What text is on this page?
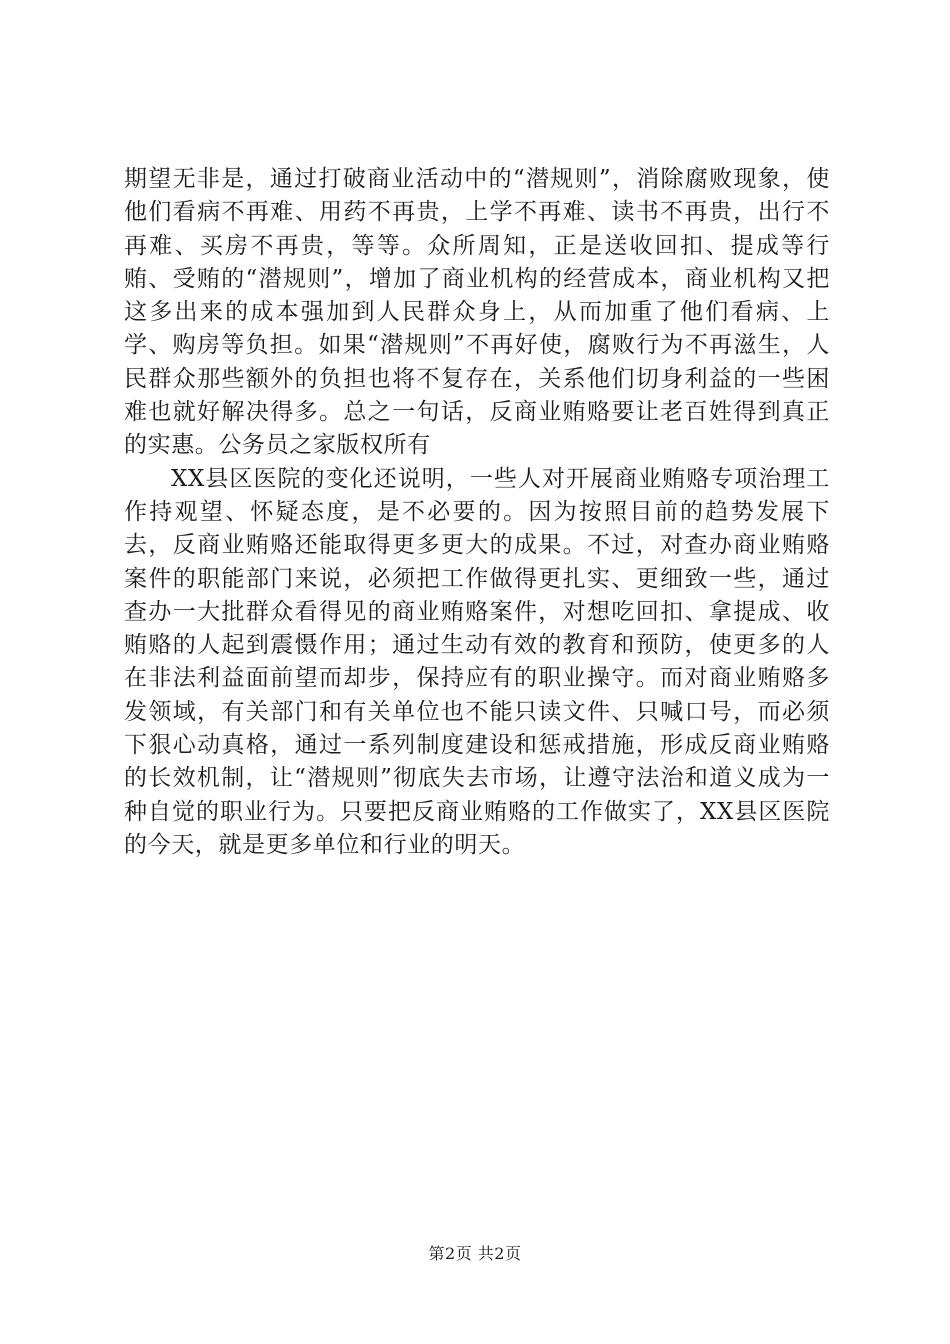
期望无非是，通过打破商业活动中的“潜规则”，消除腐败现象，使他们看病不再难、用药不再贵，上学不再难、读书不再贵，出行不再难、买房不再贵，等等。众所周知，正是送收回扣、提成等行贿、受贿的“潜规则”，增加了商业机构的经营成本，商业机构又把这多出来的成本强加到人民群众身上，从而加重了他们看病、上学、购房等负担。如果“潜规则”不再好使，腐败行为不再滋生，人民群众那些额外的负担也将不复存在，关系他们切身利益的一些困难也就好解决得多。总之一句话，反商业贿赂要让老百姓得到真正的实惠。公务员之家版权所有

XX县区医院的变化还说明，一些人对开展商业贿赂专项治理工作持观望、怀疑态度，是不必要的。因为按照目前的趋势发展下去，反商业贿赂还能取得更多更大的成果。不过，对查办商业贿赂案件的职能部门来说，必须把工作做得更扎实、更细致一些，通过查办一大批群众看得见的商业贿赂案件，对想吃回扣、拿提成、收贿赂的人起到震慑作用；通过生动有效的教育和预防，使更多的人在非法利益面前望而却步，保持应有的职业操守。而对商业贿赂多发领域，有关部门和有关单位也不能只读文件、只喊口号，而必须下狠心动真格，通过一系列制度建设和惩戒措施，形成反商业贿赂的长效机制，让“潜规则”彻底失去市场，让遵守法治和道义成为一种自觉的职业行为。只要把反商业贿赂的工作做实了，XX县区医院的今天，就是更多单位和行业的明天。

第2页 共2页
